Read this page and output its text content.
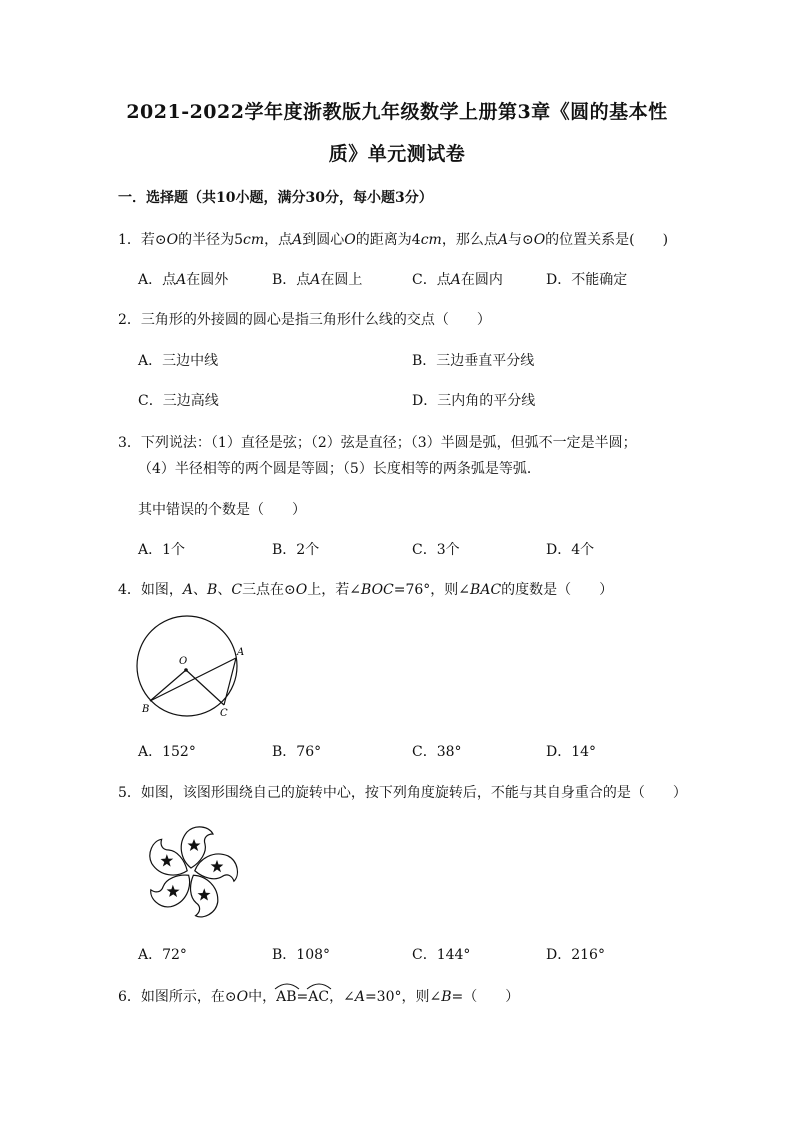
2021-2022学年度浙教版九年级数学上册第3章《圆的基本性
质》单元测试卷
一．选择题（共10小题，满分30分，每小题3分）
1．若⊙O的半径为5cm，点A到圆心O的距离为4cm，那么点A与⊙O的位置关系是(　　)
A．点A在圆外	B．点A在圆上	C．点A在圆内	D．不能确定
2．三角形的外接圆的圆心是指三角形什么线的交点（　　）
A．三边中线	B．三边垂直平分线
C．三边高线	D．三内角的平分线
3．下列说法：（1）直径是弦；（2）弦是直径；（3）半圆是弧，但弧不一定是半圆；
（4）半径相等的两个圆是等圆；（5）长度相等的两条弧是等弧．
其中错误的个数是（　　）
A．1个	B．2个	C．3个	D．4个
4．如图，A、B、C三点在⊙O上，若∠BOC=76°，则∠BAC的度数是（　　）
O
A
B	C
A．152°	B．76°	C．38°	D．14°
5．如图，该图形围绕自己的旋转中心，按下列角度旋转后，不能与其自身重合的是（　　）
A．72°	B．108°	C．144°	D．216°
6．如图所示，在⊙O中，
AB=
AC，∠A=30°，则∠B=（　　）
